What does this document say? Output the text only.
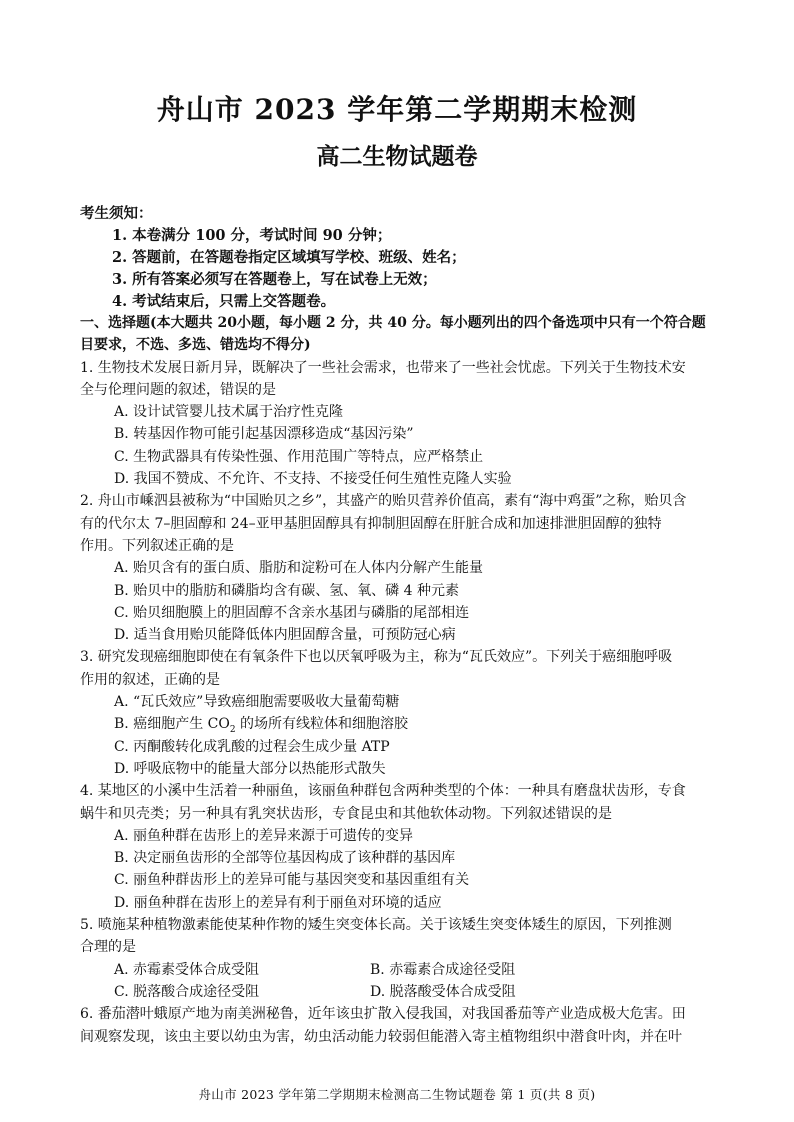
舟山市 2023 学年第二学期期末检测
高二生物试题卷
考生须知：
1. 本卷满分 100 分，考试时间 90 分钟；
2. 答题前，在答题卷指定区域填写学校、班级、姓名；
3. 所有答案必须写在答题卷上，写在试卷上无效；
4. 考试结束后，只需上交答题卷。
一、选择题(本大题共 20小题，每小题 2 分，共 40 分。每小题列出的四个备选项中只有一个符合题
目要求，不选、多选、错选均不得分)
1. 生物技术发展日新月异，既解决了一些社会需求，也带来了一些社会忧虑。下列关于生物技术安
全与伦理问题的叙述，错误的是
A. 设计试管婴儿技术属于治疗性克隆
B. 转基因作物可能引起基因漂移造成“基因污染”
C. 生物武器具有传染性强、作用范围广等特点，应严格禁止
D. 我国不赞成、不允许、不支持、不接受任何生殖性克隆人实验
2. 舟山市嵊泗县被称为“中国贻贝之乡”，其盛产的贻贝营养价值高，素有“海中鸡蛋”之称，贻贝含
有的代尔太 7–胆固醇和 24–亚甲基胆固醇具有抑制胆固醇在肝脏合成和加速排泄胆固醇的独特
作用。下列叙述正确的是
A. 贻贝含有的蛋白质、脂肪和淀粉可在人体内分解产生能量
B. 贻贝中的脂肪和磷脂均含有碳、氢、氧、磷 4 种元素
C. 贻贝细胞膜上的胆固醇不含亲水基团与磷脂的尾部相连
D. 适当食用贻贝能降低体内胆固醇含量，可预防冠心病
3. 研究发现癌细胞即使在有氧条件下也以厌氧呼吸为主，称为“瓦氏效应”。下列关于癌细胞呼吸
作用的叙述，正确的是
A. “瓦氏效应”导致癌细胞需要吸收大量葡萄糖
B. 癌细胞产生 $CO_2$ 的场所有线粒体和细胞溶胶
C. 丙酮酸转化成乳酸的过程会生成少量 ATP
D. 呼吸底物中的能量大部分以热能形式散失
4. 某地区的小溪中生活着一种丽鱼，该丽鱼种群包含两种类型的个体：一种具有磨盘状齿形，专食
蜗牛和贝壳类；另一种具有乳突状齿形，专食昆虫和其他软体动物。下列叙述错误的是
A. 丽鱼种群在齿形上的差异来源于可遗传的变异
B. 决定丽鱼齿形的全部等位基因构成了该种群的基因库
C. 丽鱼种群齿形上的差异可能与基因突变和基因重组有关
D. 丽鱼种群在齿形上的差异有利于丽鱼对环境的适应
5. 喷施某种植物激素能使某种作物的矮生突变体长高。关于该矮生突变体矮生的原因，下列推测
合理的是
A. 赤霉素受体合成受阻	B. 赤霉素合成途径受阻
C. 脱落酸合成途径受阻	D. 脱落酸受体合成受阻
6. 番茄潜叶蛾原产地为南美洲秘鲁，近年该虫扩散入侵我国，对我国番茄等产业造成极大危害。田
间观察发现，该虫主要以幼虫为害，幼虫活动能力较弱但能潜入寄主植物组织中潜食叶肉，并在叶
舟山市 2023 学年第二学期期末检测高二生物试题卷 第 1 页(共 8 页)
